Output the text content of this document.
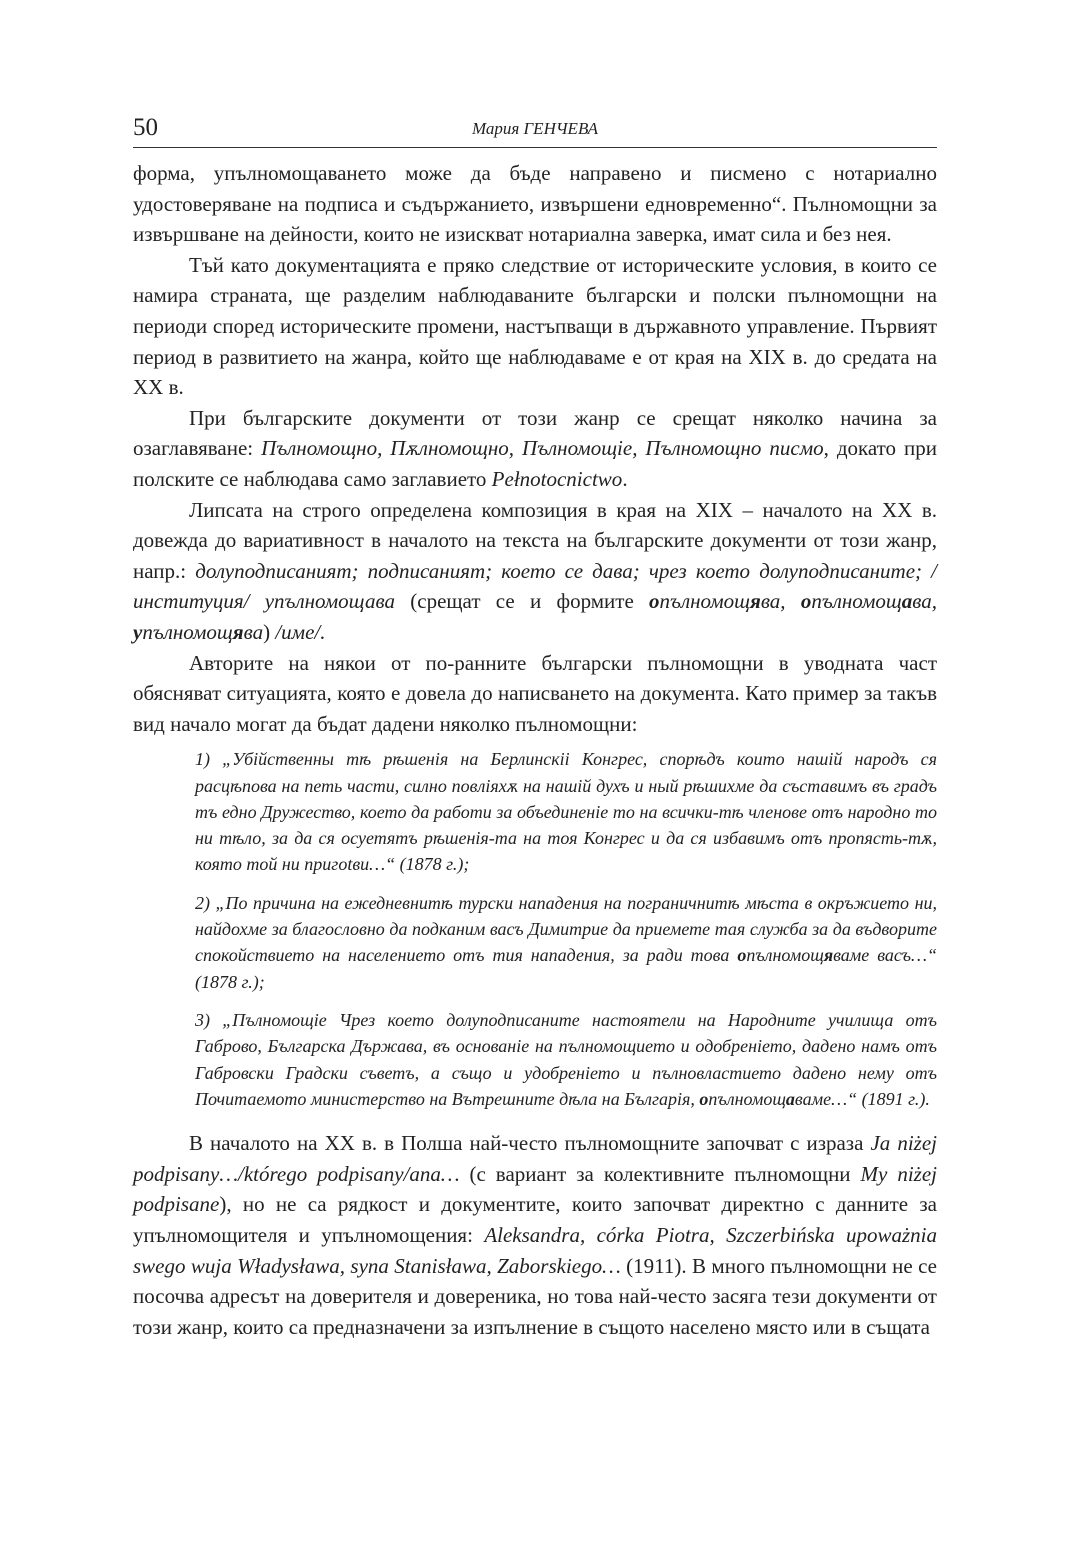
50	Мария ГЕНЧЕВА

форма, упълномощаването може да бъде направено и писмено с нотариално удостоверяване на подписа и съдържанието, извършени едновременно“. Пълномощни за извършване на дейности, които не изискват нотариална заверка, имат сила и без нея.

Тъй като документацията е пряко следствие от историческите условия, в които се намира страната, ще разделим наблюдаваните български и полски пълномощни на периоди според историческите промени, настъпващи в държавното управление. Първият период в развитието на жанра, който ще наблюдаваме е от края на XIX в. до средата на XX в.

При българските документи от този жанр се срещат няколко начина за озаглавяване: Пълномощно, Пѫлномощно, Пълномощіе, Пълномощно писмо, докато при полските се наблюдава само заглавието Pełnotocnictwo.

Липсата на строго определена композиция в края на XIX – началото на XX в. довежда до вариативност в началото на текста на българските документи от този жанр, напр.: долуподписаният; подписаният; което се дава; чрез което долуподписаните; /институция/ упълномощава (срещат се и формите опълномощява, опълномощава, упълномощява) /име/.

Авторите на някои от по-ранните български пълномощни в уводната част обясняват ситуацията, която е довела до написването на документа. Като пример за такъв вид начало могат да бъдат дадени няколко пълномощни:

1) „Убійственны тѣ рѣшенія на Берлинскіі Конгрес, спорѣдъ които нашій народъ ся расцѣпова на петь части, силно повліяхѫ на нашій духъ и ный рѣшихме да съставимъ въ градъ тъ едно Дружество, което да работи за объединеніе то на всички-тѣ членове отъ народно то ни тѣло, за да ся осуетятъ рѣшенія-та на тоя Конгрес и да ся избавимъ отъ пропясть-тѫ, която той ни пригotви…“ (1878 г.);

2) „По причина на ежедневнитѣ турски нападения на пограничнитѣ мѣста в окръжието ни, найдохме за благословно да подканим васъ Димитрие да приемете тая служба за да въдворите спокойствието на населението отъ тия нападения, за ради това опълномощяваме васъ…“ (1878 г.);

3) „Пълномощіе Чрез което долуподписаните настоятели на Народните училища отъ Габрово, Българска Държава, въ основаніе на пълномощието и одобреніето, дадено намъ отъ Габровски Градски съветъ, а също и удобреніето и пълновластието дадено нему отъ Почитаемото министерство на Вътрешните дѣла на Българія, опълномощаваме…“ (1891 г.).

В началото на XX в. в Полша най-често пълномощните започват с израза Ja niżej podpisany…/którego podpisany/ana… (с вариант за колективните пълномощни My niżej podpisane), но не са рядкост и документите, които започват директно с данните за упълномощителя и упълномощения: Aleksandra, córka Piotra, Szczerbińska upoważnia swego wuja Władysława, syna Stanisława, Zaborskiego… (1911). В много пълномощни не се посочва адресът на доверителя и довереника, но това най-често засяга тези документи от този жанр, които са предназначени за изпълнение в същото населено място или в същата
